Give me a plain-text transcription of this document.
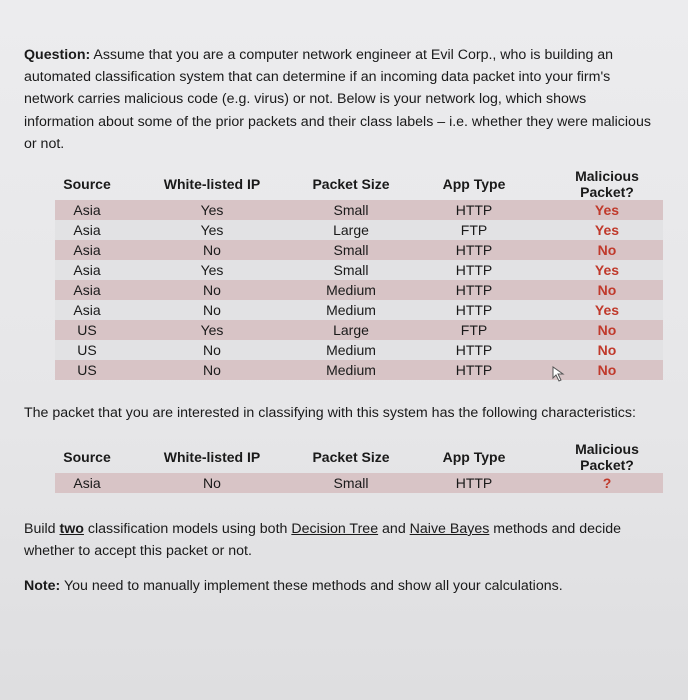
Question: Assume that you are a computer network engineer at Evil Corp., who is building an automated classification system that can determine if an incoming data packet into your firm's network carries malicious code (e.g. virus) or not. Below is your network log, which shows information about some of the prior packets and their class labels – i.e. whether they were malicious or not.
Source	White-listed IP	Packet Size	App Type	Malicious Packet?
Asia	Yes	Small	HTTP	Yes
Asia	Yes	Large	FTP	Yes
Asia	No	Small	HTTP	No
Asia	Yes	Small	HTTP	Yes
Asia	No	Medium	HTTP	No
Asia	No	Medium	HTTP	Yes
US	Yes	Large	FTP	No
US	No	Medium	HTTP	No
US	No	Medium	HTTP	No
The packet that you are interested in classifying with this system has the following characteristics:
Source	White-listed IP	Packet Size	App Type	Malicious Packet?
Asia	No	Small	HTTP	?
Build two classification models using both Decision Tree and Naive Bayes methods and decide whether to accept this packet or not.
Note: You need to manually implement these methods and show all your calculations.
